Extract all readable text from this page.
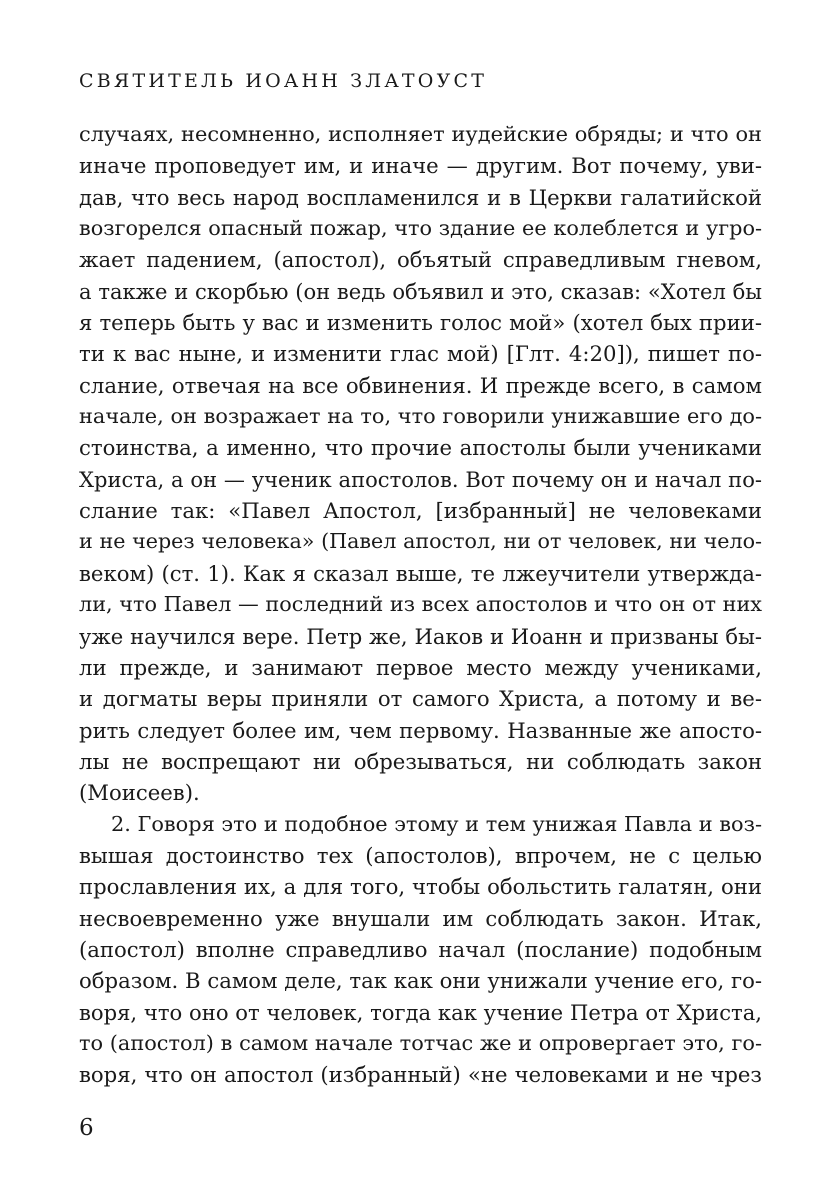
СВЯТИТЕЛЬ ИОАНН ЗЛАТОУСТ
случаях, несомненно, исполняет иудейские обряды; и что он
иначе проповедует им, и иначе — другим. Вот почему, уви-
дав, что весь народ воспламенился и в Церкви галатийской
возгорелся опасный пожар, что здание ее колеблется и угро-
жает падением, (апостол), объятый справедливым гневом,
а также и скорбью (он ведь объявил и это, сказав: «Хотел бы
я теперь быть у вас и изменить голос мой» (хотел бых прии-
ти к вас ныне, и изменити глас мой) [Глт. 4:20]), пишет по-
слание, отвечая на все обвинения. И прежде всего, в самом
начале, он возражает на то, что говорили унижавшие его до-
стоинства, а именно, что прочие апостолы были учениками
Христа, а он — ученик апостолов. Вот почему он и начал по-
слание так: «Павел Апостол, [избранный] не человеками
и не через человека» (Павел апостол, ни от человек, ни чело-
веком) (ст. 1). Как я сказал выше, те лжеучители утвержда-
ли, что Павел — последний из всех апостолов и что он от них
уже научился вере. Петр же, Иаков и Иоанн и призваны бы-
ли прежде, и занимают первое место между учениками,
и догматы веры приняли от самого Христа, а потому и ве-
рить следует более им, чем первому. Названные же апосто-
лы не воспрещают ни обрезываться, ни соблюдать закон
(Моисеев).
2. Говоря это и подобное этому и тем унижая Павла и воз-
вышая достоинство тех (апостолов), впрочем, не с целью
прославления их, а для того, чтобы обольстить галатян, они
несвоевременно уже внушали им соблюдать закон. Итак,
(апостол) вполне справедливо начал (послание) подобным
образом. В самом деле, так как они унижали учение его, го-
воря, что оно от человек, тогда как учение Петра от Христа,
то (апостол) в самом начале тотчас же и опровергает это, го-
воря, что он апостол (избранный) «не человеками и не чрез
6
